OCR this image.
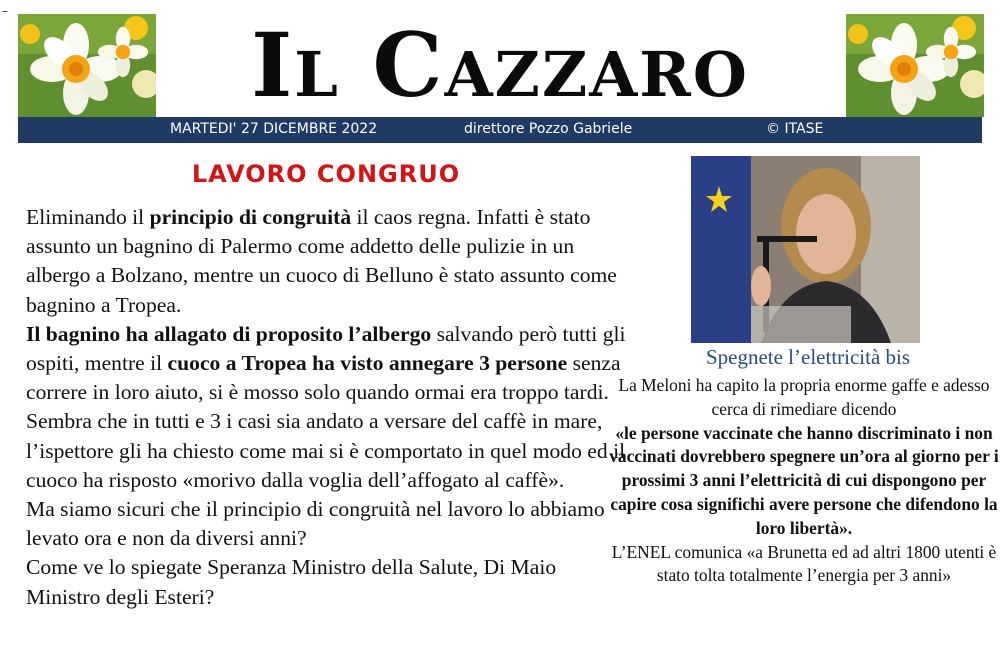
–
Il Cazzaro
MARTEDI' 27 DICEMBRE 2022	direttore Pozzo Gabriele	© ITASE
LAVORO CONGRUO

Eliminando il principio di congruità il caos regna. Infatti è stato assunto un bagnino di Palermo come addetto delle pulizie in un albergo a Bolzano, mentre un cuoco di Belluno è stato assunto come bagnino a Tropea.

Il bagnino ha allagato di proposito l’albergo salvando però tutti gli ospiti, mentre il cuoco a Tropea ha visto annegare 3 persone senza correre in loro aiuto, si è mosso solo quando ormai era troppo tardi. Sembra che in tutti e 3 i casi sia andato a versare del caffè in mare, l’ispettore gli ha chiesto come mai si è comportato in quel modo ed il cuoco ha risposto «morivo dalla voglia dell’affogato al caffè».

Ma siamo sicuri che il principio di congruità nel lavoro lo abbiamo levato ora e non da diversi anni?

Come ve lo spiegate Speranza Ministro della Salute, Di Maio Ministro degli Esteri?

Spegnete l’elettricità bis

La Meloni ha capito la propria enorme gaffe e adesso cerca di rimediare dicendo

«le persone vaccinate che hanno discriminato i non vaccinati dovrebbero spegnere un’ora al giorno per i prossimi 3 anni l’elettricità di cui dispongono per capire cosa significhi avere persone che difendono la loro libertà».

L’ENEL comunica «a Brunetta ed ad altri 1800 utenti è stato tolta totalmente l’energia per 3 anni»
